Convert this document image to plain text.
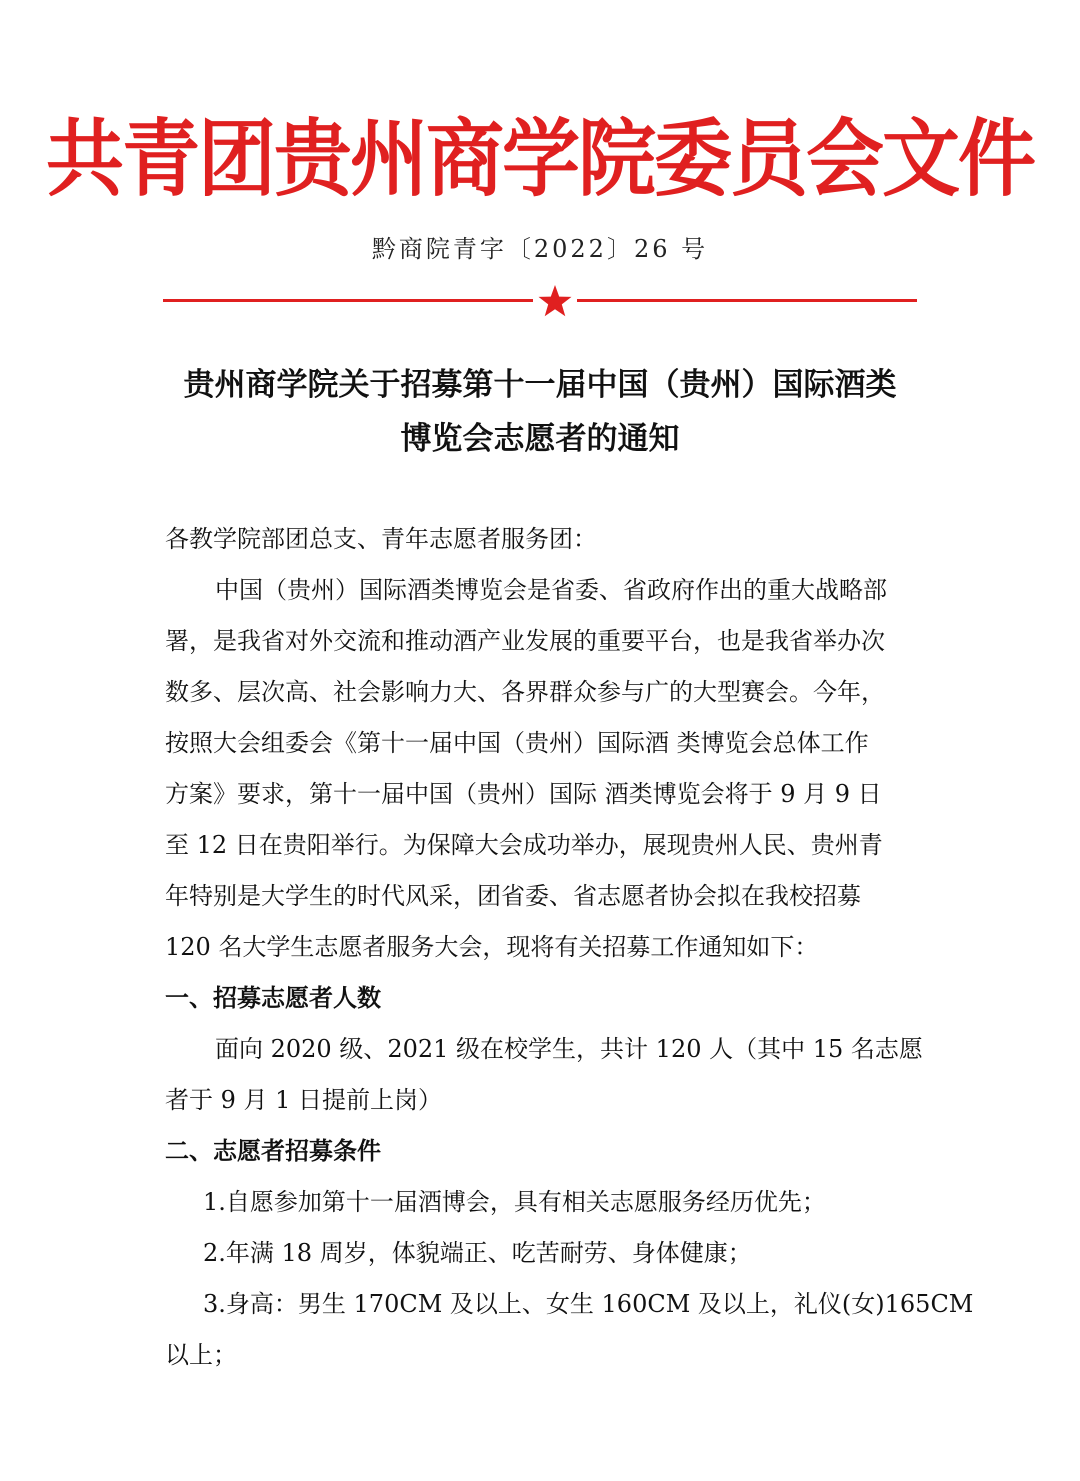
共青团贵州商学院委员会文件
黔商院青字〔2022〕26 号
贵州商学院关于招募第十一届中国（贵州）国际酒类
博览会志愿者的通知
各教学院部团总支、青年志愿者服务团：
中国（贵州）国际酒类博览会是省委、省政府作出的重大战略部
署，是我省对外交流和推动酒产业发展的重要平台，也是我省举办次
数多、层次高、社会影响力大、各界群众参与广的大型赛会。今年，
按照大会组委会《第十一届中国（贵州）国际酒 类博览会总体工作
方案》要求，第十一届中国（贵州）国际 酒类博览会将于 9 月 9 日
至 12 日在贵阳举行。为保障大会成功举办，展现贵州人民、贵州青
年特别是大学生的时代风采，团省委、省志愿者协会拟在我校招募
120 名大学生志愿者服务大会，现将有关招募工作通知如下：
一、招募志愿者人数
面向 2020 级、2021 级在校学生，共计 120 人（其中 15 名志愿
者于 9 月 1 日提前上岗）
二、志愿者招募条件
1.自愿参加第十一届酒博会，具有相关志愿服务经历优先；
2.年满 18 周岁，体貌端正、吃苦耐劳、身体健康；
3.身高：男生 170CM 及以上、女生 160CM 及以上，礼仪(女)165CM
以上；
